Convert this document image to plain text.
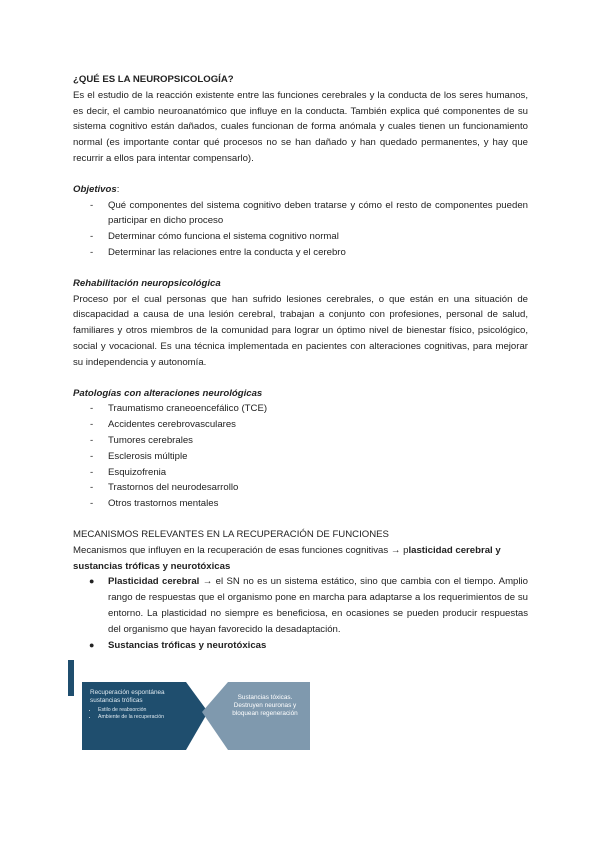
¿QUÉ ES LA NEUROPSICOLOGÍA?

Es el estudio de la reacción existente entre las funciones cerebrales y la conducta de los seres humanos, es decir, el cambio neuroanatómico que influye en la conducta. También explica qué componentes de su sistema cognitivo están dañados, cuales funcionan de forma anómala y cuales tienen un funcionamiento normal (es importante contar qué procesos no se han dañado y han quedado permanentes, y hay que recurrir a ellos para intentar compensarlo).

Objetivos:

- Qué componentes del sistema cognitivo deben tratarse y cómo el resto de componentes pueden participar en dicho proceso
- Determinar cómo funciona el sistema cognitivo normal
- Determinar las relaciones entre la conducta y el cerebro

Rehabilitación neuropsicológica

Proceso por el cual personas que han sufrido lesiones cerebrales, o que están en una situación de discapacidad a causa de una lesión cerebral, trabajan a conjunto con profesiones, personal de salud, familiares y otros miembros de la comunidad para lograr un óptimo nivel de bienestar físico, psicológico, social y vocacional. Es una técnica implementada en pacientes con alteraciones cognitivas, para mejorar su independencia y autonomía.

Patologías con alteraciones neurológicas

- Traumatismo craneoencefálico (TCE)
- Accidentes cerebrovasculares
- Tumores cerebrales
- Esclerosis múltiple
- Esquizofrenia
- Trastornos del neurodesarrollo
- Otros trastornos mentales

MECANISMOS RELEVANTES EN LA RECUPERACIÓN DE FUNCIONES

Mecanismos que influyen en la recuperación de esas funciones cognitivas → plasticidad cerebral y sustancias tróficas y neurotóxicas

● Plasticidad cerebral → el SN no es un sistema estático, sino que cambia con el tiempo. Amplio rango de respuestas que el organismo pone en marcha para adaptarse a los requerimientos de su entorno. La plasticidad no siempre es beneficiosa, en ocasiones se pueden producir respuestas del organismo que hayan favorecido la desadaptación.
● Sustancias tróficas y neurotóxicas

Recuperación espontánea sustancias tróficas

• Estilo de reabsorción
• Ambiente de la recuperación
Sustancias tóxicas. Destruyen neuronas y bloquean regeneración
